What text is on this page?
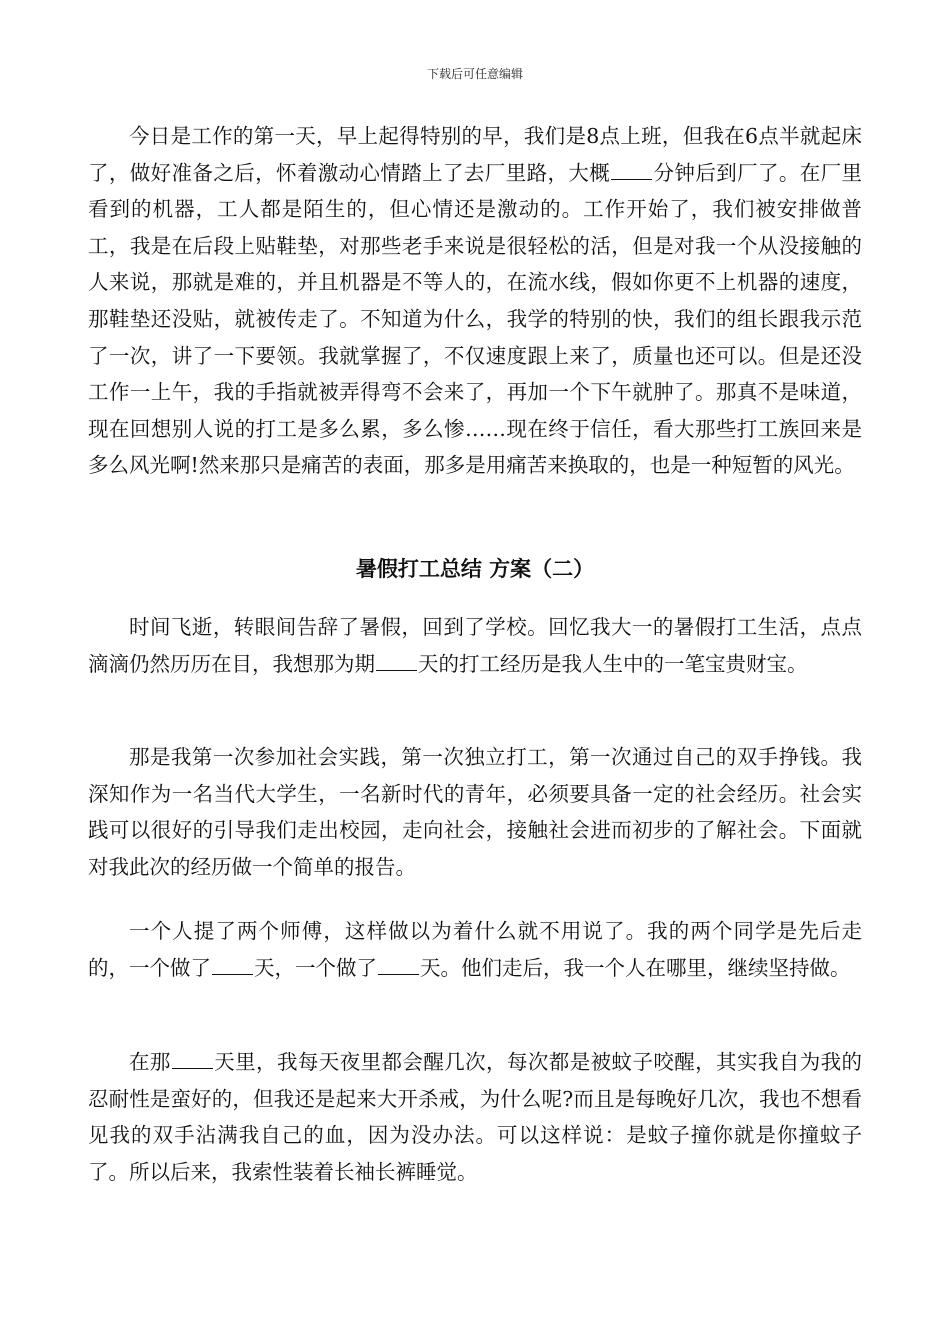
下载后可任意编辑

今日是工作的第一天，早上起得特别的早，我们是8点上班，但我在6点半就起床了，做好准备之后，怀着激动心情踏上了去厂里路，大概 分钟后到厂了。在厂里看到的机器，工人都是陌生的，但心情还是激动的。工作开始了，我们被安排做普工，我是在后段上贴鞋垫，对那些老手来说是很轻松的活，但是对我一个从没接触的人来说，那就是难的，并且机器是不等人的，在流水线，假如你更不上机器的速度，那鞋垫还没贴，就被传走了。不知道为什么，我学的特别的快，我们的组长跟我示范了一次，讲了一下要领。我就掌握了，不仅速度跟上来了，质量也还可以。但是还没工作一上午，我的手指就被弄得弯不会来了，再加一个下午就肿了。那真不是味道，现在回想别人说的打工是多么累，多么惨……现在终于信任，看大那些打工族回来是多么风光啊!然来那只是痛苦的表面，那多是用痛苦来换取的，也是一种短暂的风光。

暑假打工总结 方案（二）

时间飞逝，转眼间告辞了暑假，回到了学校。回忆我大一的暑假打工生活，点点滴滴仍然历历在目，我想那为期 天的打工经历是我人生中的一笔宝贵财宝。

那是我第一次参加社会实践，第一次独立打工，第一次通过自己的双手挣钱。我深知作为一名当代大学生，一名新时代的青年，必须要具备一定的社会经历。社会实践可以很好的引导我们走出校园，走向社会，接触社会进而初步的了解社会。下面就对我此次的经历做一个简单的报告。

一个人提了两个师傅，这样做以为着什么就不用说了。我的两个同学是先后走的，一个做了 天，一个做了 天。他们走后，我一个人在哪里，继续坚持做。

在那 天里，我每天夜里都会醒几次，每次都是被蚊子咬醒，其实我自为我的忍耐性是蛮好的，但我还是起来大开杀戒，为什么呢?而且是每晚好几次，我也不想看见我的双手沾满我自己的血，因为没办法。可以这样说：是蚊子撞你就是你撞蚊子了。所以后来，我索性装着长袖长裤睡觉。
